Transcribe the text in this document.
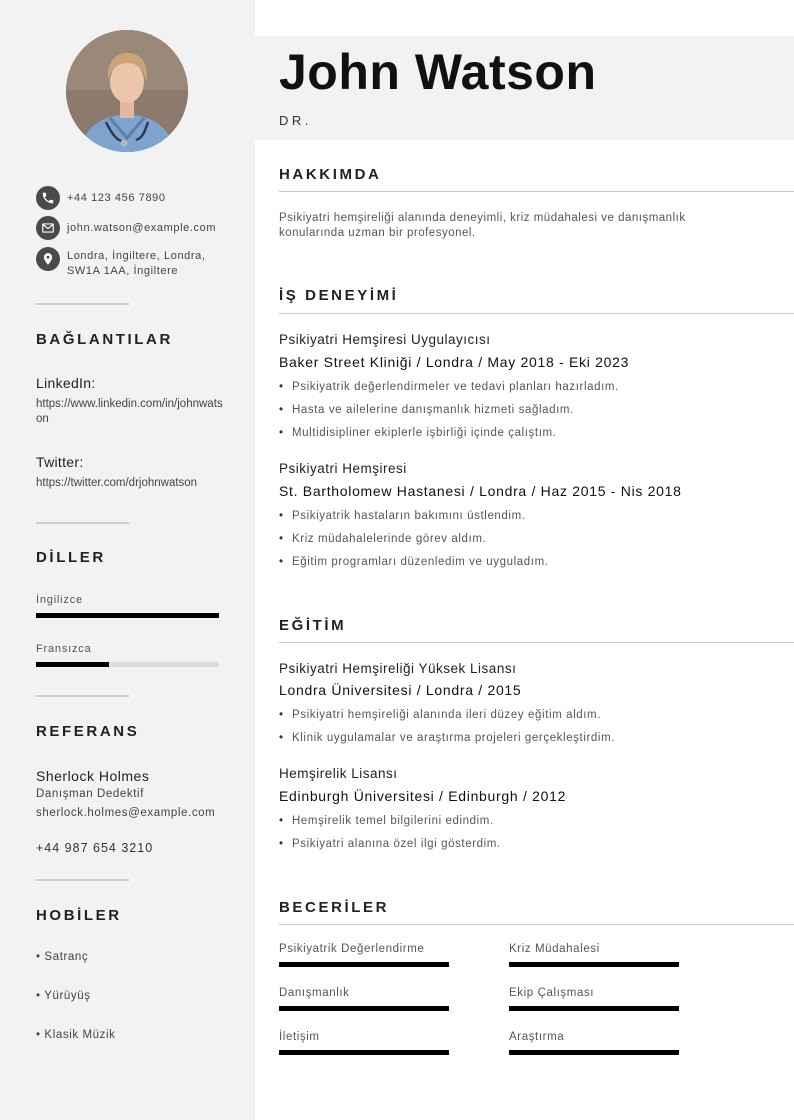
+44 123 456 7890
john.watson@example.com
Londra, İngiltere, Londra, SW1A 1AA, İngiltere
BAĞLANTILAR
LinkedIn:
https://www.linkedin.com/in/johnwatson
Twitter:
https://twitter.com/drjohnwatson
DİLLER
İngilizce
Fransızca
REFERANS
Sherlock Holmes
Danışman Dedektif
sherlock.holmes@example.com
+44 987 654 3210
HOBİLER
• Satranç
• Yürüyüş
• Klasik Müzik
John Watson
DR.
HAKKIMDA
Psikiyatri hemşireliği alanında deneyimli, kriz müdahalesi ve danışmanlık konularında uzman bir profesyonel.
İŞ DENEYİMİ
Psikiyatri Hemşiresi Uygulayıcısı
Baker Street Kliniği / Londra / May 2018 - Eki 2023
• Psikiyatrik değerlendirmeler ve tedavi planları hazırladım.
• Hasta ve ailelerine danışmanlık hizmeti sağladım.
• Multidisipliner ekiplerle işbirliği içinde çalıştım.
Psikiyatri Hemşiresi
St. Bartholomew Hastanesi / Londra / Haz 2015 - Nis 2018
• Psikiyatrik hastaların bakımını üstlendim.
• Kriz müdahalelerinde görev aldım.
• Eğitim programları düzenledim ve uyguladım.
EĞİTİM
Psikiyatri Hemşireliği Yüksek Lisansı
Londra Üniversitesi / Londra / 2015
• Psikiyatri hemşireliği alanında ileri düzey eğitim aldım.
• Klinik uygulamalar ve araştırma projeleri gerçekleştirdim.
Hemşirelik Lisansı
Edinburgh Üniversitesi / Edinburgh / 2012
• Hemşirelik temel bilgilerini edindim.
• Psikiyatri alanına özel ilgi gösterdim.
BECERİLER
Psikiyatrik Değerlendirme	Kriz Müdahalesi
Danışmanlık	Ekip Çalışması
İletişim	Araştırma
